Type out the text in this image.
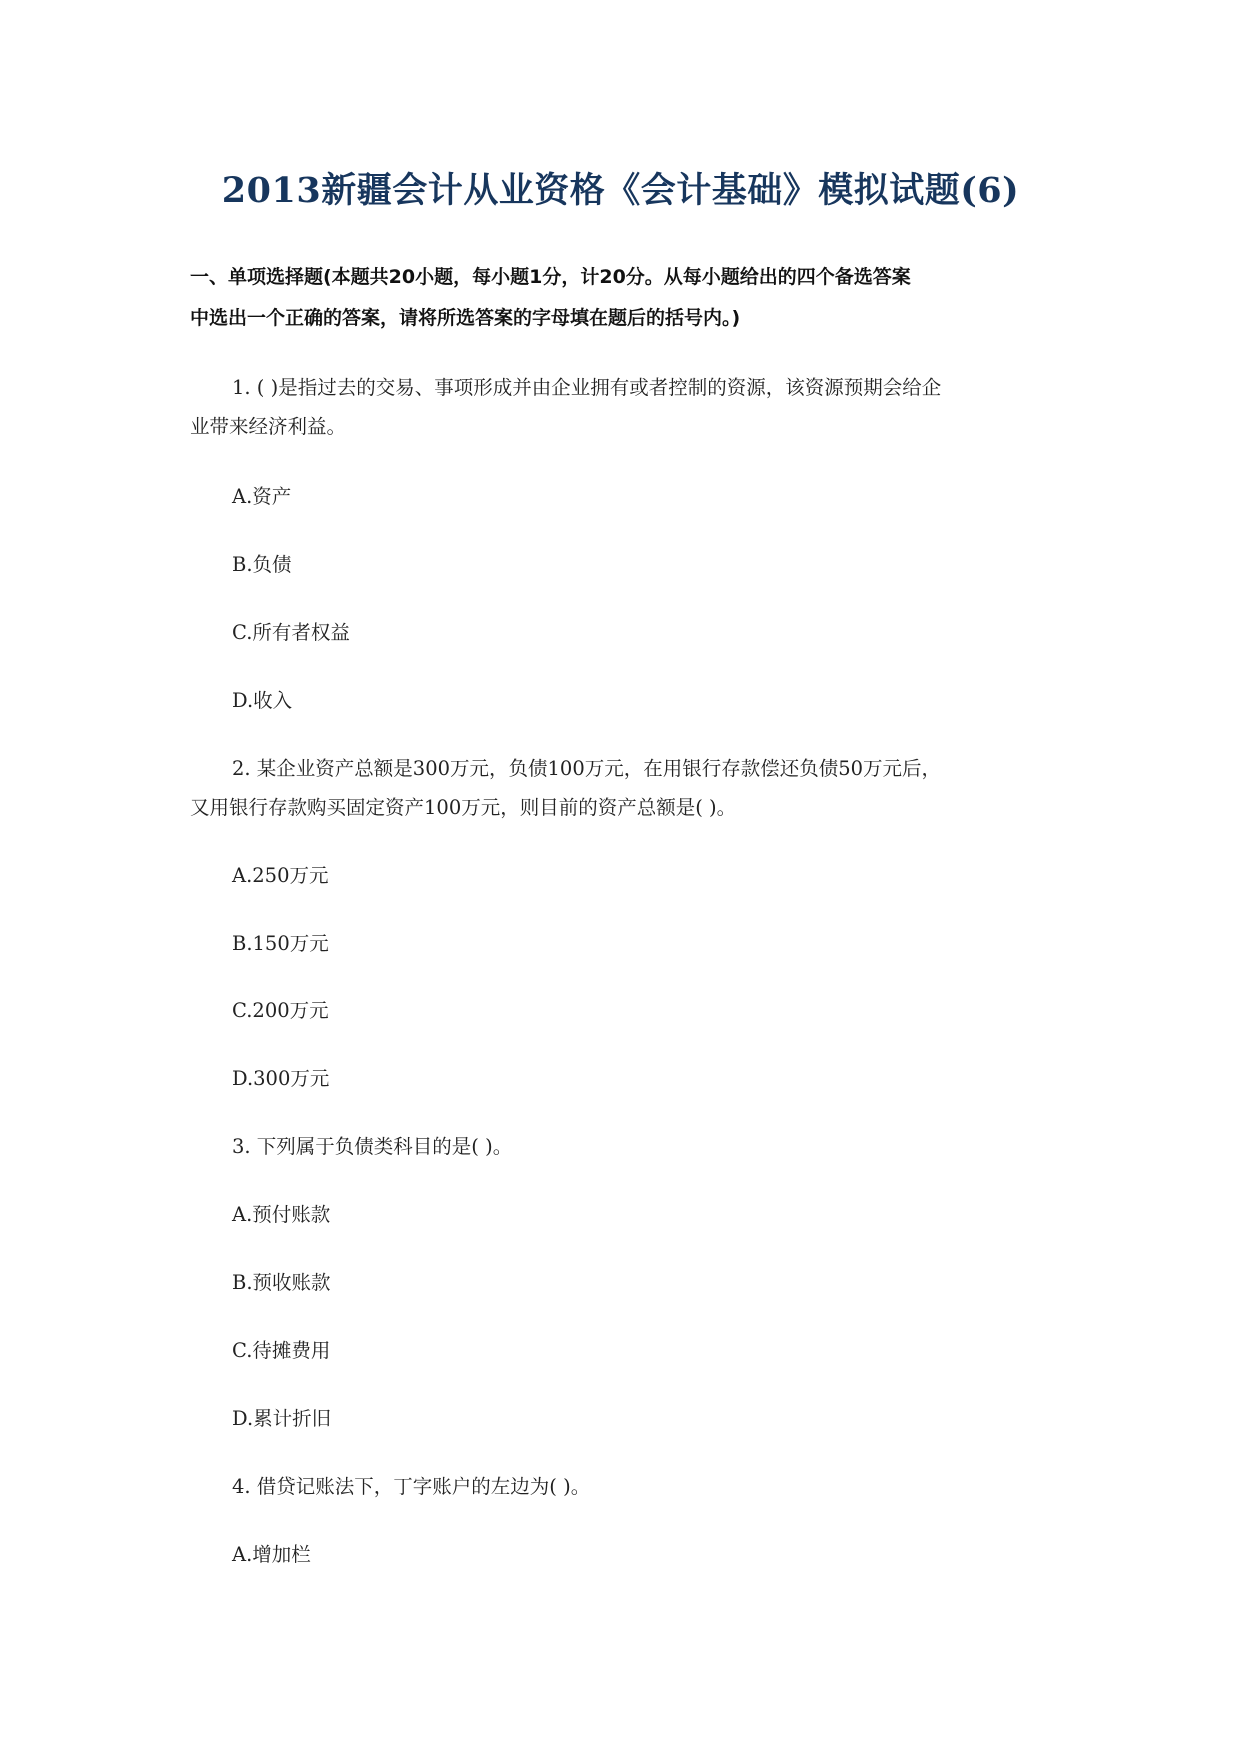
2013新疆会计从业资格《会计基础》模拟试题(6)
一、单项选择题(本题共20小题，每小题1分，计20分。从每小题给出的四个备选答案
中选出一个正确的答案，请将所选答案的字母填在题后的括号内。)
1. ( )是指过去的交易、事项形成并由企业拥有或者控制的资源，该资源预期会给企
业带来经济利益。
A.资产
B.负债
C.所有者权益
D.收入
2. 某企业资产总额是300万元，负债100万元，在用银行存款偿还负债50万元后，
又用银行存款购买固定资产100万元，则目前的资产总额是( )。
A.250万元
B.150万元
C.200万元
D.300万元
3. 下列属于负债类科目的是( )。
A.预付账款
B.预收账款
C.待摊费用
D.累计折旧
4. 借贷记账法下，丁字账户的左边为( )。
A.增加栏
